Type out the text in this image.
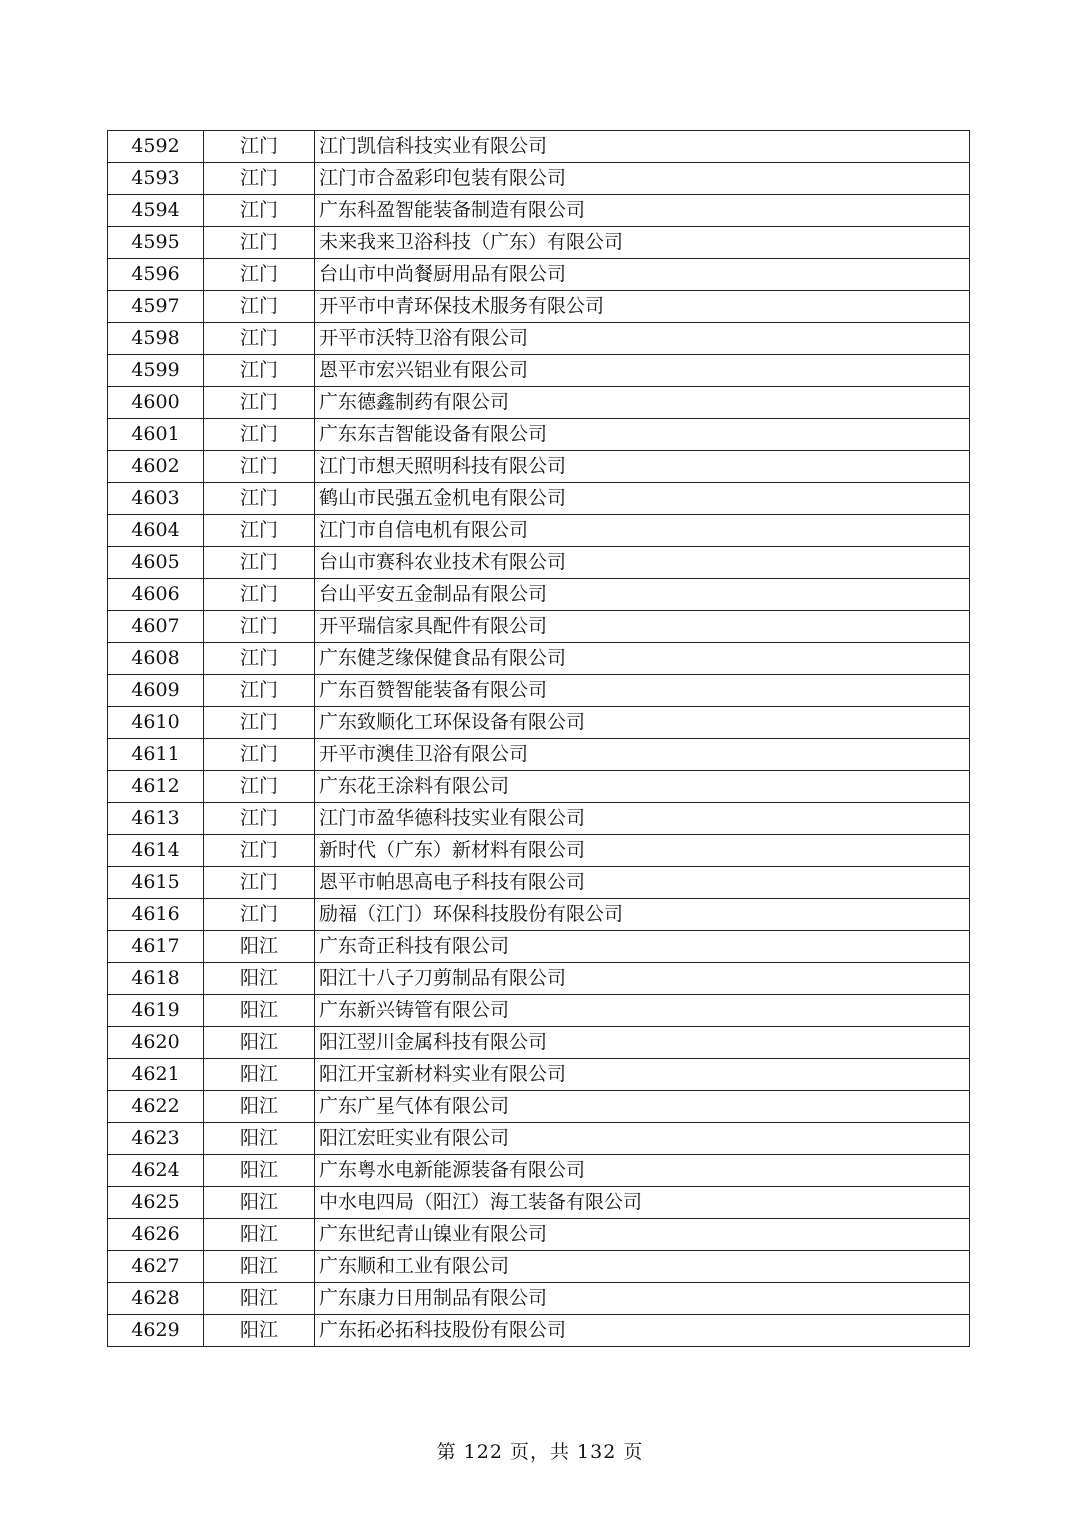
4592	江门	江门凯信科技实业有限公司
4593	江门	江门市合盈彩印包装有限公司
4594	江门	广东科盈智能装备制造有限公司
4595	江门	未来我来卫浴科技（广东）有限公司
4596	江门	台山市中尚餐厨用品有限公司
4597	江门	开平市中青环保技术服务有限公司
4598	江门	开平市沃特卫浴有限公司
4599	江门	恩平市宏兴铝业有限公司
4600	江门	广东德鑫制药有限公司
4601	江门	广东东吉智能设备有限公司
4602	江门	江门市想天照明科技有限公司
4603	江门	鹤山市民强五金机电有限公司
4604	江门	江门市自信电机有限公司
4605	江门	台山市赛科农业技术有限公司
4606	江门	台山平安五金制品有限公司
4607	江门	开平瑞信家具配件有限公司
4608	江门	广东健芝缘保健食品有限公司
4609	江门	广东百赞智能装备有限公司
4610	江门	广东致顺化工环保设备有限公司
4611	江门	开平市澳佳卫浴有限公司
4612	江门	广东花王涂料有限公司
4613	江门	江门市盈华德科技实业有限公司
4614	江门	新时代（广东）新材料有限公司
4615	江门	恩平市帕思高电子科技有限公司
4616	江门	励福（江门）环保科技股份有限公司
4617	阳江	广东奇正科技有限公司
4618	阳江	阳江十八子刀剪制品有限公司
4619	阳江	广东新兴铸管有限公司
4620	阳江	阳江翌川金属科技有限公司
4621	阳江	阳江开宝新材料实业有限公司
4622	阳江	广东广星气体有限公司
4623	阳江	阳江宏旺实业有限公司
4624	阳江	广东粤水电新能源装备有限公司
4625	阳江	中水电四局（阳江）海工装备有限公司
4626	阳江	广东世纪青山镍业有限公司
4627	阳江	广东顺和工业有限公司
4628	阳江	广东康力日用制品有限公司
4629	阳江	广东拓必拓科技股份有限公司
第 122 页，共 132 页
